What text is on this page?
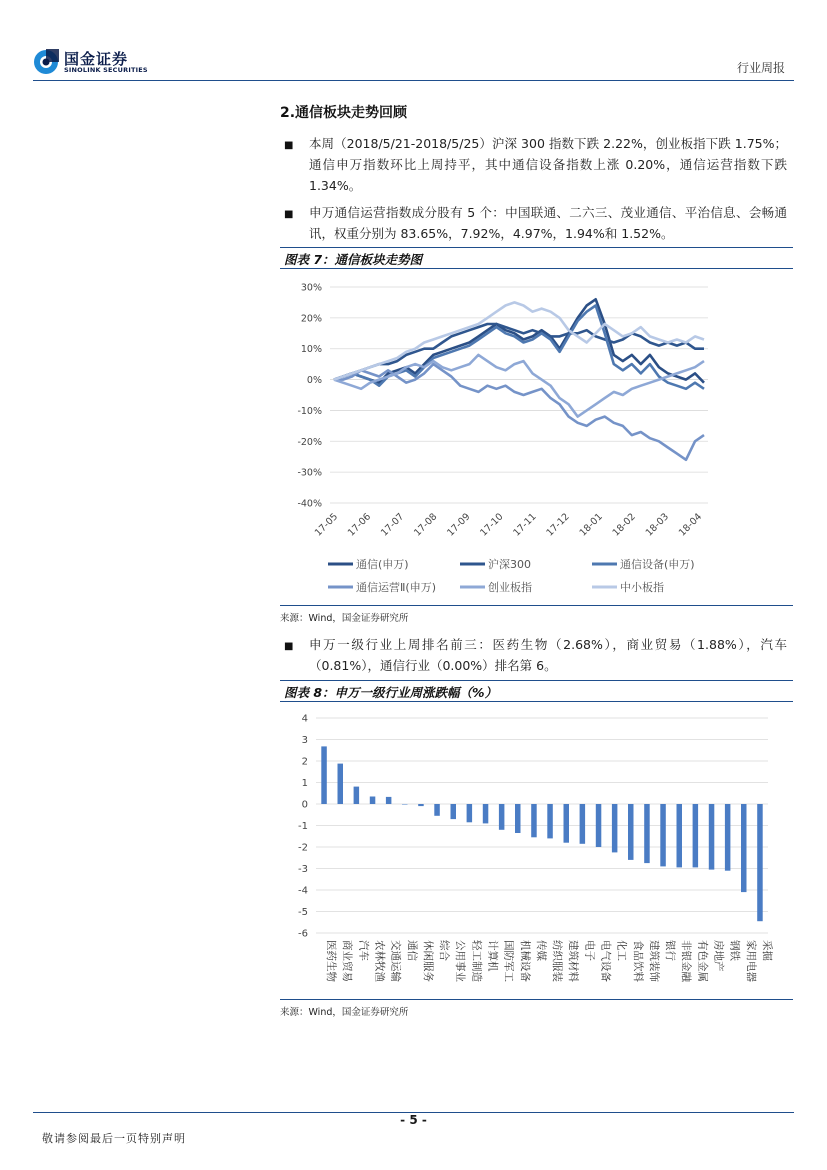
国金证券
SINOLINK SECURITIES	行业周报
2.通信板块走势回顾
■ 本周（2018/5/21-2018/5/25）沪深 300 指数下跌 2.22%，创业板指下跌 1.75%；通信申万指数环比上周持平，其中通信设备指数上涨 0.20%，通信运营指数下跌 1.34%。
■ 申万通信运营指数成分股有 5 个：中国联通、二六三、茂业通信、平治信息、会畅通讯，权重分别为 83.65%，7.92%，4.97%，1.94%和 1.52%。
图表 7：通信板块走势图
30%
20%
10%
0%
-10%
-20%
-30%
-40%
17-05 17-06 17-07 17-08 17-09 17-10 17-11 17-12 18-01 18-02 18-03 18-04
通信(申万)	沪深300	通信设备(申万)
通信运营Ⅱ(申万)	创业板指	中小板指
来源：Wind，国金证券研究所
■ 申万一级行业上周排名前三：医药生物（2.68%），商业贸易（1.88%），汽车（0.81%），通信行业（0.00%）排名第 6。
图表 8：申万一级行业周涨跌幅（%）
4
3
2
1
0
-1
-2
-3
-4
-5
-6
医药生物 商业贸易 汽车 农林牧渔 交通运输 通信 休闲服务 综合 公用事业 轻工制造 计算机 国防军工 机械设备 传媒 纺织服装 建筑材料 电子 电气设备 化工 食品饮料 建筑装饰 银行 非银金融 有色金属 房地产 钢铁 家用电器 采掘
来源：Wind，国金证券研究所
- 5 -
敬请参阅最后一页特别声明
